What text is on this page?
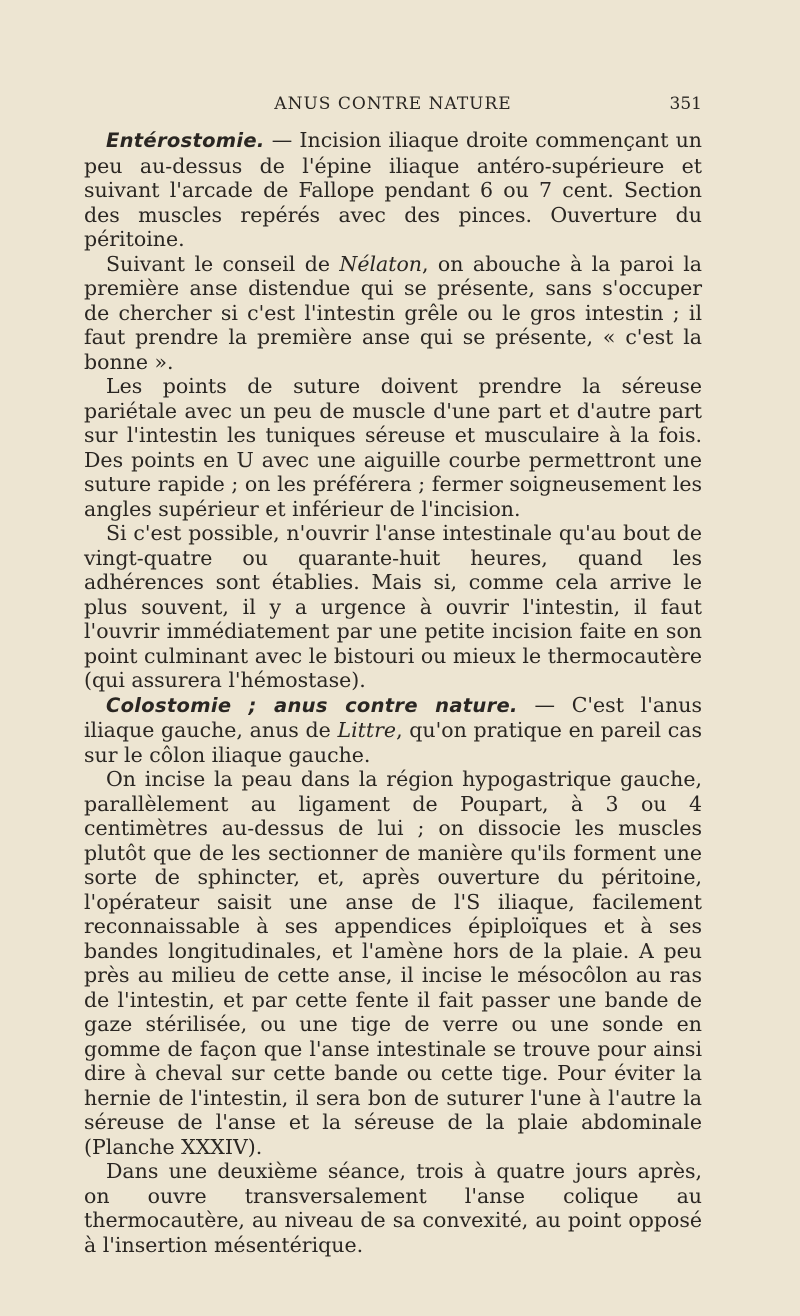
ANUS CONTRE NATURE	351

Entérostomie. — Incision iliaque droite commençant un peu au-dessus de l'épine iliaque antéro-supérieure et suivant l'arcade de Fallope pendant 6 ou 7 cent. Section des muscles repérés avec des pinces. Ouverture du péritoine.

Suivant le conseil de Nélaton, on abouche à la paroi la première anse distendue qui se présente, sans s'occuper de chercher si c'est l'intestin grêle ou le gros intestin ; il faut prendre la première anse qui se présente, « c'est la bonne ».

Les points de suture doivent prendre la séreuse pariétale avec un peu de muscle d'une part et d'autre part sur l'intestin les tuniques séreuse et musculaire à la fois. Des points en U avec une aiguille courbe permettront une suture rapide ; on les préférera ; fermer soigneusement les angles supérieur et inférieur de l'incision.

Si c'est possible, n'ouvrir l'anse intestinale qu'au bout de vingt-quatre ou quarante-huit heures, quand les adhérences sont établies. Mais si, comme cela arrive le plus souvent, il y a urgence à ouvrir l'intestin, il faut l'ouvrir immédiatement par une petite incision faite en son point culminant avec le bistouri ou mieux le thermocautère (qui assurera l'hémostase).

Colostomie ; anus contre nature. — C'est l'anus iliaque gauche, anus de Littre, qu'on pratique en pareil cas sur le côlon iliaque gauche.

On incise la peau dans la région hypogastrique gauche, parallèlement au ligament de Poupart, à 3 ou 4 centimètres au-dessus de lui ; on dissocie les muscles plutôt que de les sectionner de manière qu'ils forment une sorte de sphincter, et, après ouverture du péritoine, l'opérateur saisit une anse de l'S iliaque, facilement reconnaissable à ses appendices épiploïques et à ses bandes longitudinales, et l'amène hors de la plaie. A peu près au milieu de cette anse, il incise le mésocôlon au ras de l'intestin, et par cette fente il fait passer une bande de gaze stérilisée, ou une tige de verre ou une sonde en gomme de façon que l'anse intestinale se trouve pour ainsi dire à cheval sur cette bande ou cette tige. Pour éviter la hernie de l'intestin, il sera bon de suturer l'une à l'autre la séreuse de l'anse et la séreuse de la plaie abdominale (Planche XXXIV).

Dans une deuxième séance, trois à quatre jours après, on ouvre transversalement l'anse colique au thermocautère, au niveau de sa convexité, au point opposé à l'insertion mésentérique.
